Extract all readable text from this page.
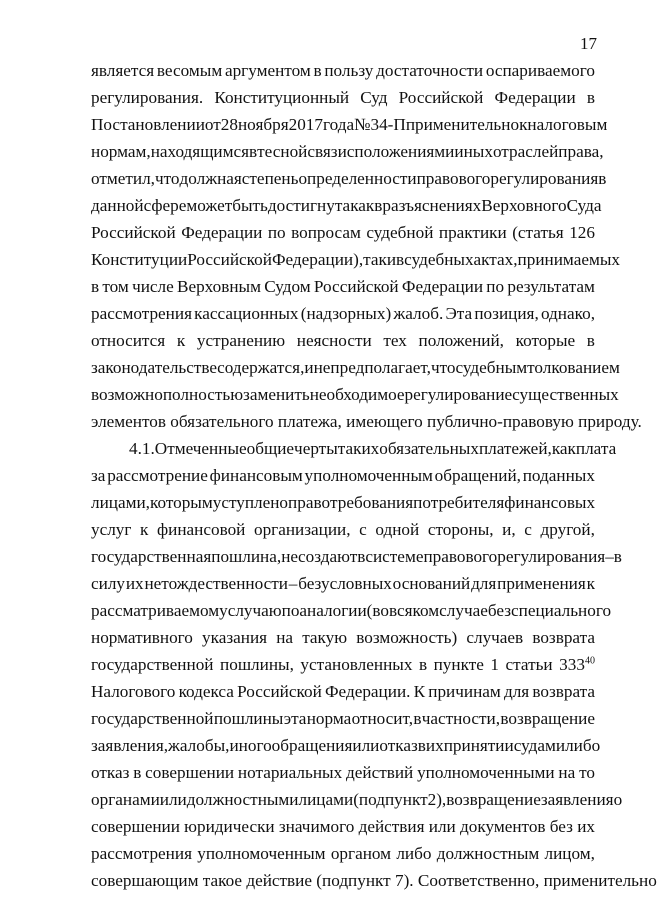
17
является весомым аргументом в пользу достаточности оспариваемого
регулирования. Конституционный Суд Российской Федерации в
Постановлении от 28 ноября 2017 года № 34-П применительно к налоговым
нормам, находящимся в тесной связи с положениями иных отраслей права,
отметил, что должная степень определенности правового регулирования в
данной сфере может быть достигнута как в разъяснениях Верховного Суда
Российской Федерации по вопросам судебной практики (статья 126
Конституции Российской Федерации), так и в судебных актах, принимаемых
в том числе Верховным Судом Российской Федерации по результатам
рассмотрения кассационных (надзорных) жалоб. Эта позиция, однако,
относится к устранению неясности тех положений, которые в
законодательстве содержатся, и не предполагает, что судебным толкованием
возможно полностью заменить необходимое регулирование существенных
элементов обязательного платежа, имеющего публично-правовую природу.
4.1. Отмеченные общие черты таких обязательных платежей, как плата
за рассмотрение финансовым уполномоченным обращений, поданных
лицами, которым уступлено право требования потребителя финансовых
услуг к финансовой организации, с одной стороны, и, с другой,
государственная пошлина, не создают в системе правового регулирования – в
силу их нетождественности – безусловных оснований для применения к
рассматриваемому случаю по аналогии (во всяком случае без специального
нормативного указания на такую возможность) случаев возврата
государственной пошлины, установленных в пункте 1 статьи $333^{40}$
Налогового кодекса Российской Федерации. К причинам для возврата
государственной пошлины эта норма относит, в частности, возвращение
заявления, жалобы, иного обращения или отказ в их принятии судами либо
отказ в совершении нотариальных действий уполномоченными на то
органами или должностными лицами (подпункт 2), возвращение заявления о
совершении юридически значимого действия или документов без их
рассмотрения уполномоченным органом либо должностным лицом,
совершающим такое действие (подпункт 7). Соответственно, применительно
